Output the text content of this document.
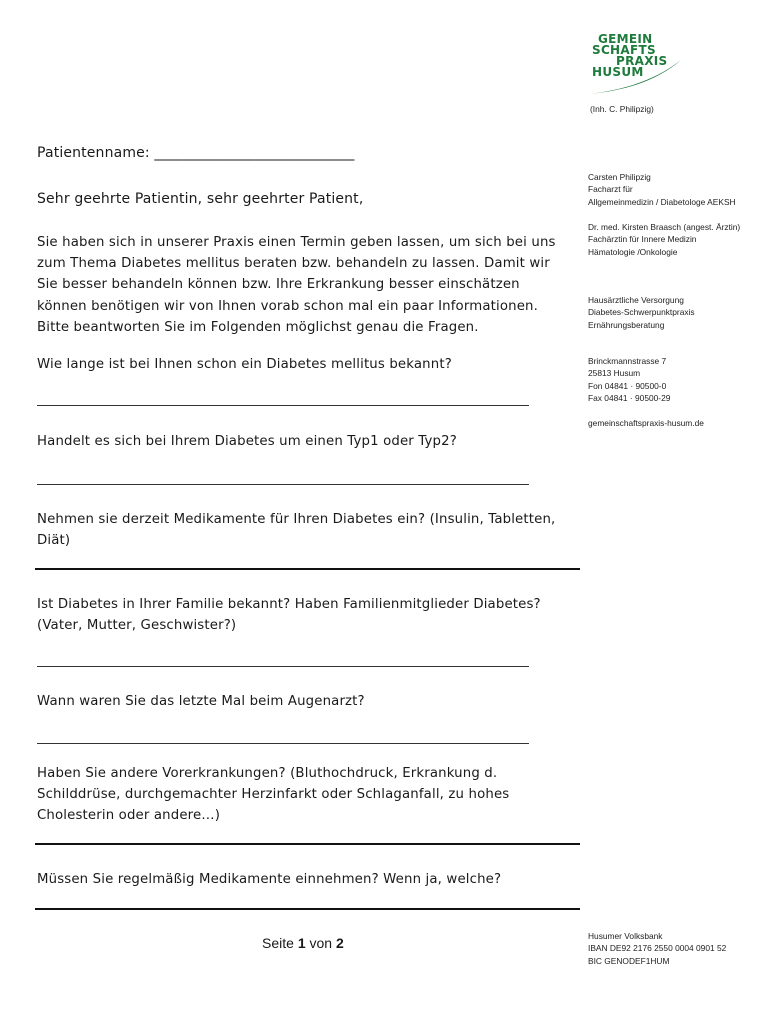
GEMEIN
SCHAFTS
PRAXIS
HUSUM
(Inh. C. Philipzig)
Patientenname: ____________________________
Sehr geehrte Patientin, sehr geehrter Patient,
Sie haben sich in unserer Praxis einen Termin geben lassen, um sich bei uns
zum Thema Diabetes mellitus beraten bzw. behandeln zu lassen. Damit wir
Sie besser behandeln können bzw. Ihre Erkrankung besser einschätzen
können benötigen wir von Ihnen vorab schon mal ein paar Informationen.
Bitte beantworten Sie im Folgenden möglichst genau die Fragen.
Wie lange ist bei Ihnen schon ein Diabetes mellitus bekannt?
Handelt es sich bei Ihrem Diabetes um einen Typ1 oder Typ2?
Nehmen sie derzeit Medikamente für Ihren Diabetes ein? (Insulin, Tabletten,
Diät)
Ist Diabetes in Ihrer Familie bekannt? Haben Familienmitglieder Diabetes?
(Vater, Mutter, Geschwister?)
Wann waren Sie das letzte Mal beim Augenarzt?
Haben Sie andere Vorerkrankungen? (Bluthochdruck, Erkrankung d.
Schilddrüse, durchgemachter Herzinfarkt oder Schlaganfall, zu hohes
Cholesterin oder andere…)
Müssen Sie regelmäßig Medikamente einnehmen? Wenn ja, welche?
Seite 1 von 2
Carsten Philipzig
Facharzt für
Allgemeinmedizin / Diabetologe AEKSH
Dr. med. Kirsten Braasch (angest. Ärztin)
Fachärztin für Innere Medizin
Hämatologie /Onkologie
Hausärztliche Versorgung
Diabetes-Schwerpunktpraxis
Ernährungsberatung
Brinckmannstrasse 7
25813 Husum
Fon 04841 · 90500-0
Fax 04841 · 90500-29
gemeinschaftspraxis-husum.de
Husumer Volksbank
IBAN DE92 2176 2550 0004 0901 52
BIC GENODEF1HUM
